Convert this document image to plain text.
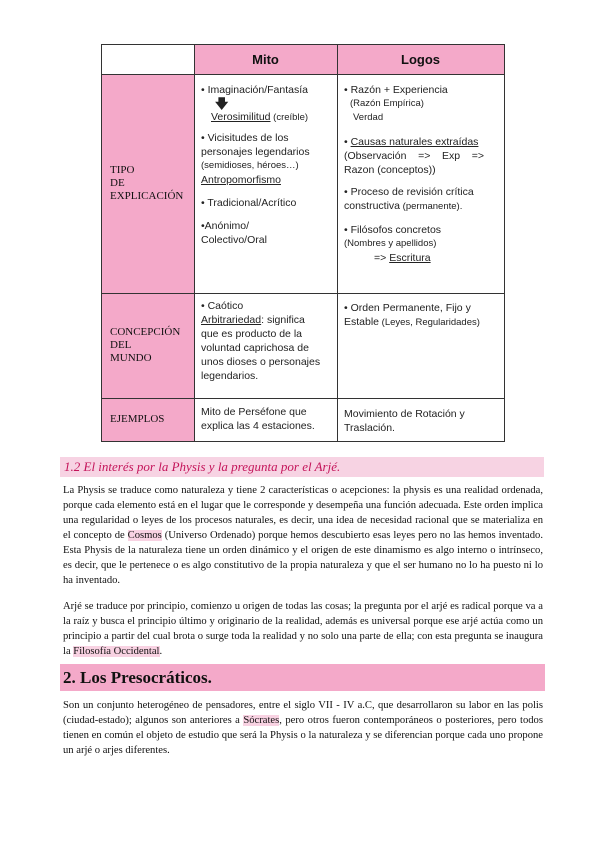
Mito	Logos
TIPO
DE
EXPLICACIÓN
CONCEPCIÓN
DEL
MUNDO
EJEMPLOS

• Imaginación/Fantasía

🡇

Verosimilitud (creíble)

• Vicisitudes de los

personajes legendarios

(semidioses, héroes…)

Antropomorfismo

• Tradicional/Acrítico

•Anónimo/

Colectivo/Oral

• Razón + Experiencia

(Razón Empírica)

Verdad

• Causas naturales extraídas

(Observación    =>    Exp    =>

Razon (conceptos))

• Proceso de revisión crítica

constructiva (permanente).

• Filósofos concretos

(Nombres y apellidos)

=> Escritura

• Caótico

Arbitrariedad: significa

que es producto de la

voluntad caprichosa de

unos dioses o personajes

legendarios.

• Orden Permanente, Fijo y

Estable (Leyes, Regularidades)

Mito de Perséfone que

explica las 4 estaciones.

Movimiento de Rotación y

Traslación.

1.2 El interés por la Physis y la pregunta por el Arjé.
La Physis se traduce como naturaleza y tiene 2 características o acepciones: la physis es una realidad ordenada, porque cada elemento está en el lugar que le corresponde y desempeña una función adecuada. Este orden implica una regularidad o leyes de los procesos naturales, es decir, una idea de necesidad racional que se materializa en el concepto de Cosmos (Universo Ordenado) porque hemos descubierto esas leyes pero no las hemos inventado. Esta Physis de la naturaleza tiene un orden dinámico y el origen de este dinamismo es algo interno o intrínseco, es decir, que le pertenece o es algo constitutivo de la propia naturaleza y que el ser humano no lo ha puesto ni lo ha inventado.
Arjé se traduce por principio, comienzo u origen de todas las cosas; la pregunta por el arjé es radical porque va a la raíz y busca el principio último y originario de la realidad, además es universal porque ese arjé actúa como un principio a partir del cual brota o surge toda la realidad y no solo una parte de ella; con esta pregunta se inaugura la Filosofía Occidental.
2. Los Presocráticos.
Son un conjunto heterogéneo de pensadores, entre el siglo VII - IV a.C, que desarrollaron su labor en las polis (ciudad-estado); algunos son anteriores a Sócrates, pero otros fueron contemporáneos o posteriores, pero todos tienen en común el objeto de estudio que será la Physis o la naturaleza y se diferencian porque cada uno propone un arjé o arjes diferentes.
